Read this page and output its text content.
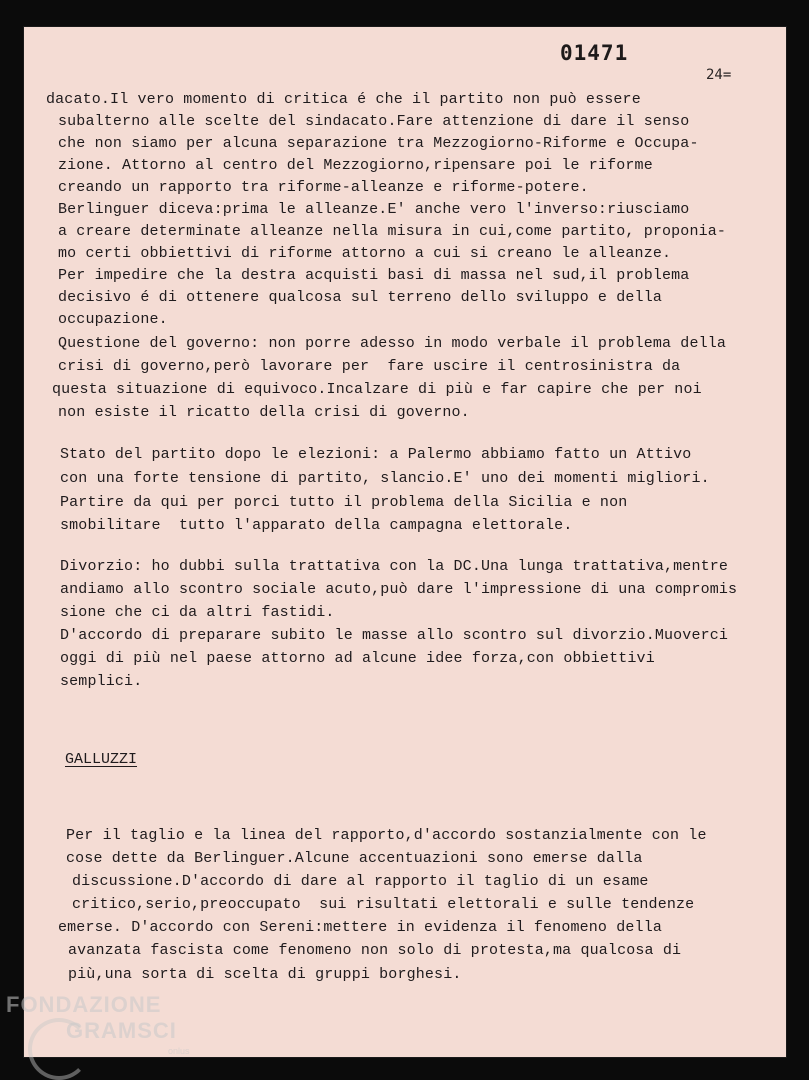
01471
24=
dacato.Il vero momento di critica é che il partito non può essere
subalterno alle scelte del sindacato.Fare attenzione di dare il senso
che non siamo per alcuna separazione tra Mezzogiorno-Riforme e Occupa-
zione. Attorno al centro del Mezzogiorno,ripensare poi le riforme
creando un rapporto tra riforme-alleanze e riforme-potere.
Berlinguer diceva:prima le alleanze.E' anche vero l'inverso:riusciamo
a creare determinate alleanze nella misura in cui,come partito, proponia-
mo certi obbiettivi di riforme attorno a cui si creano le alleanze.
Per impedire che la destra acquisti basi di massa nel sud,il problema
decisivo é di ottenere qualcosa sul terreno dello sviluppo e della
occupazione.
Questione del governo: non porre adesso in modo verbale il problema della
crisi di governo,però lavorare per  fare uscire il centrosinistra da
questa situazione di equivoco.Incalzare di più e far capire che per noi
non esiste il ricatto della crisi di governo.
Stato del partito dopo le elezioni: a Palermo abbiamo fatto un Attivo
con una forte tensione di partito, slancio.E' uno dei momenti migliori.
Partire da qui per porci tutto il problema della Sicilia e non
smobilitare  tutto l'apparato della campagna elettorale.
Divorzio: ho dubbi sulla trattativa con la DC.Una lunga trattativa,mentre
andiamo allo scontro sociale acuto,può dare l'impressione di una compromis
sione che ci da altri fastidi.
D'accordo di preparare subito le masse allo scontro sul divorzio.Muoverci
oggi di più nel paese attorno ad alcune idee forza,con obbiettivi
semplici.
GALLUZZI
Per il taglio e la linea del rapporto,d'accordo sostanzialmente con le
cose dette da Berlinguer.Alcune accentuazioni sono emerse dalla
discussione.D'accordo di dare al rapporto il taglio di un esame
critico,serio,preoccupato  sui risultati elettorali e sulle tendenze
emerse. D'accordo con Sereni:mettere in evidenza il fenomeno della
avanzata fascista come fenomeno non solo di protesta,ma qualcosa di
più,una sorta di scelta di gruppi borghesi.
FONDAZIONE
GRAMSCI
onlus
